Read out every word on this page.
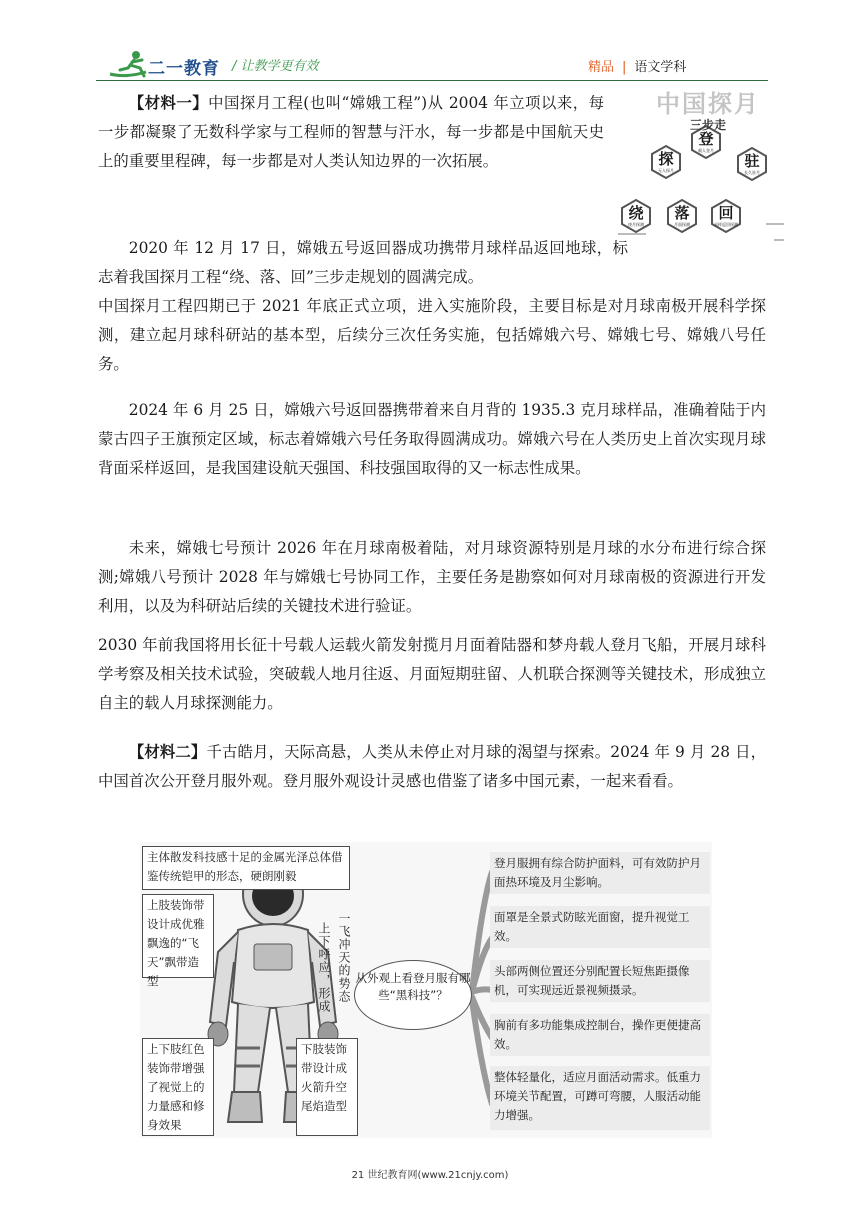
二一教育 / 让教学更有效	精品 | 语文学科

【材料一】中国探月工程(也叫“嫦娥工程”)从 2004 年立项以来，每一步都凝聚了无数科学家与工程师的智慧与汗水，每一步都是中国航天史上的重要里程碑，每一步都是对人类认知边界的一次拓展。

2020 年 12 月 17 日，嫦娥五号返回器成功携带月球样品返回地球，标志着我国探月工程“绕、落、回”三步走规划的圆满完成。

中国探月工程四期已于 2021 年底正式立项，进入实施阶段，主要目标是对月球南极开展科学探测，建立起月球科研站的基本型，后续分三次任务实施，包括嫦娥六号、嫦娥七号、嫦娥八号任务。

2024 年 6 月 25 日，嫦娥六号返回器携带着来自月背的 1935.3 克月球样品，准确着陆于内蒙古四子王旗预定区域，标志着嫦娥六号任务取得圆满成功。嫦娥六号在人类历史上首次实现月球背面采样返回，是我国建设航天强国、科技强国取得的又一标志性成果。

未来，嫦娥七号预计 2026 年在月球南极着陆，对月球资源特别是月球的水分布进行综合探测;嫦娥八号预计 2028 年与嫦娥七号协同工作，主要任务是勘察如何对月球南极的资源进行开发利用，以及为科研站后续的关键技术进行验证。

2030 年前我国将用长征十号载人运载火箭发射揽月月面着陆器和梦舟载人登月飞船，开展月球科学考察及相关技术试验，突破载人地月往返、月面短期驻留、人机联合探测等关键技术，形成独立自主的载人月球探测能力。

中国探月
三步走
探
无人探月
登
载人登月
驻
长久驻月
绕
绕月探测
落
月面探测
回
采样返回探测

【材料二】千古皓月，天际高悬，人类从未停止对月球的渴望与探索。2024 年 9 月 28 日，中国首次公开登月服外观。登月服外观设计灵感也借鉴了诸多中国元素，一起来看看。

主体散发科技感十足的金属光泽总体借鉴传统铠甲的形态，硬朗刚毅
上肢装饰带设计成优雅飘逸的“飞天”飘带造型
上下肢红色装饰带增强了视觉上的力量感和修身效果
下肢装饰带设计成火箭升空尾焰造型
一飞冲天的势态
上下呼应，形成 从外观上看登月服有哪些“黑科技”？
登月服拥有综合防护面料，可有效防护月面热环境及月尘影响。
面罩是全景式防眩光面窗，提升视觉工效。
头部两侧位置还分别配置长短焦距摄像机，可实现远近景视频摄录。
胸前有多功能集成控制台，操作更便捷高效。
整体轻量化，适应月面活动需求。低重力环境关节配置，可蹲可弯腰，人服活动能力增强。
21 世纪教育网(www.21cnjy.com)
